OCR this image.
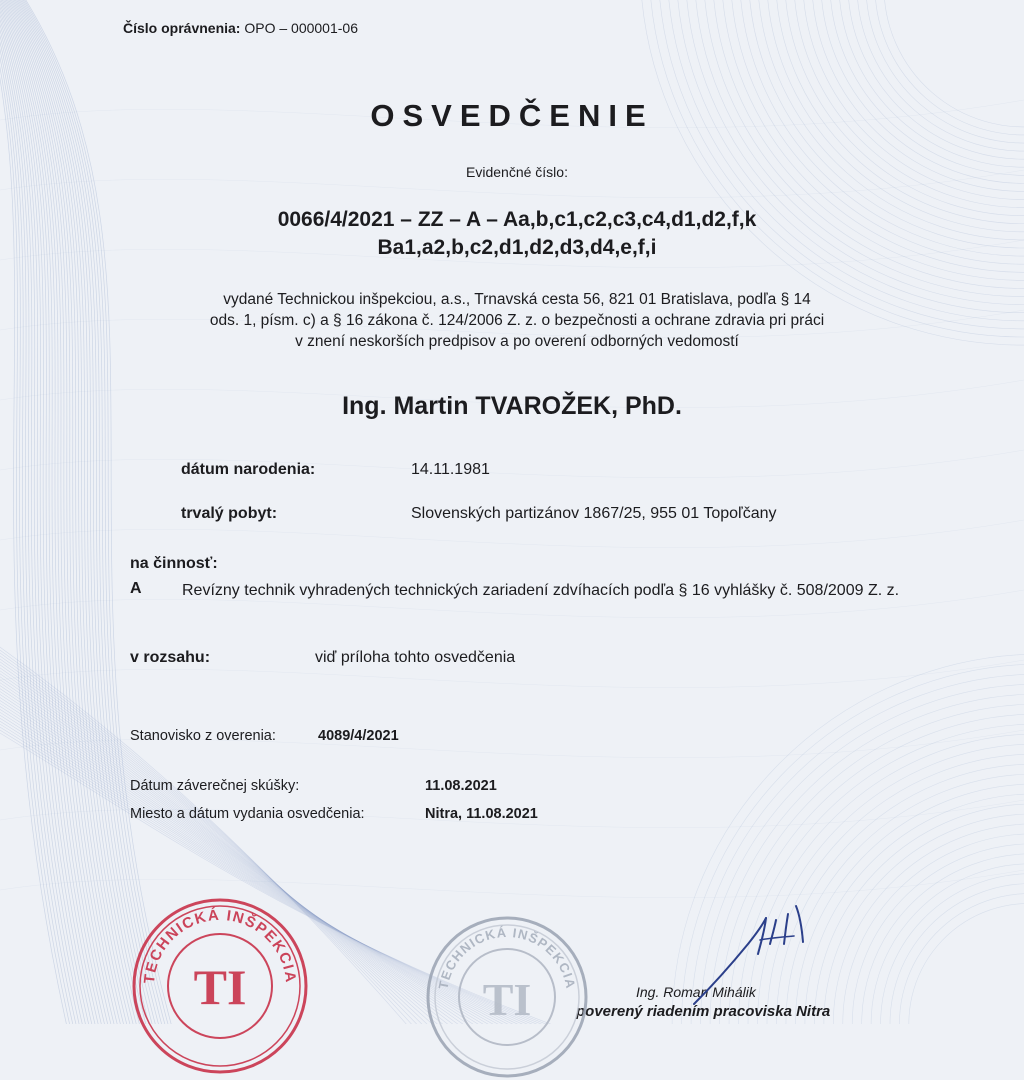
Číslo oprávnenia: OPO – 000001-06
OSVEDČENIE
Evidenčné číslo:
0066/4/2021 – ZZ – A – Aa,b,c1,c2,c3,c4,d1,d2,f,k
Ba1,a2,b,c2,d1,d2,d3,d4,e,f,i
vydané Technickou inšpekciou, a.s., Trnavská cesta 56, 821 01 Bratislava, podľa § 14
ods. 1, písm. c) a § 16 zákona č. 124/2006 Z. z. o bezpečnosti a ochrane zdravia pri práci
v znení neskorších predpisov a po overení odborných vedomostí
Ing. Martin TVAROŽEK, PhD.
dátum narodenia:	14.11.1981
trvalý pobyt:	Slovenských partizánov 1867/25, 955 01 Topoľčany
na činnosť:
A	Revízny technik vyhradených technických zariadení zdvíhacích podľa § 16 vyhlášky č. 508/2009 Z. z.
v rozsahu:	viď príloha tohto osvedčenia
Stanovisko z overenia:	4089/4/2021
Dátum záverečnej skúšky:	11.08.2021
Miesto a dátum vydania osvedčenia:	Nitra, 11.08.2021
Ing. Roman Mihálik
poverený riadením pracoviska Nitra
TECHNICKÁ INŠPEKCIA
TI	TECHNICKÁ INŠPEKCIA
TI
